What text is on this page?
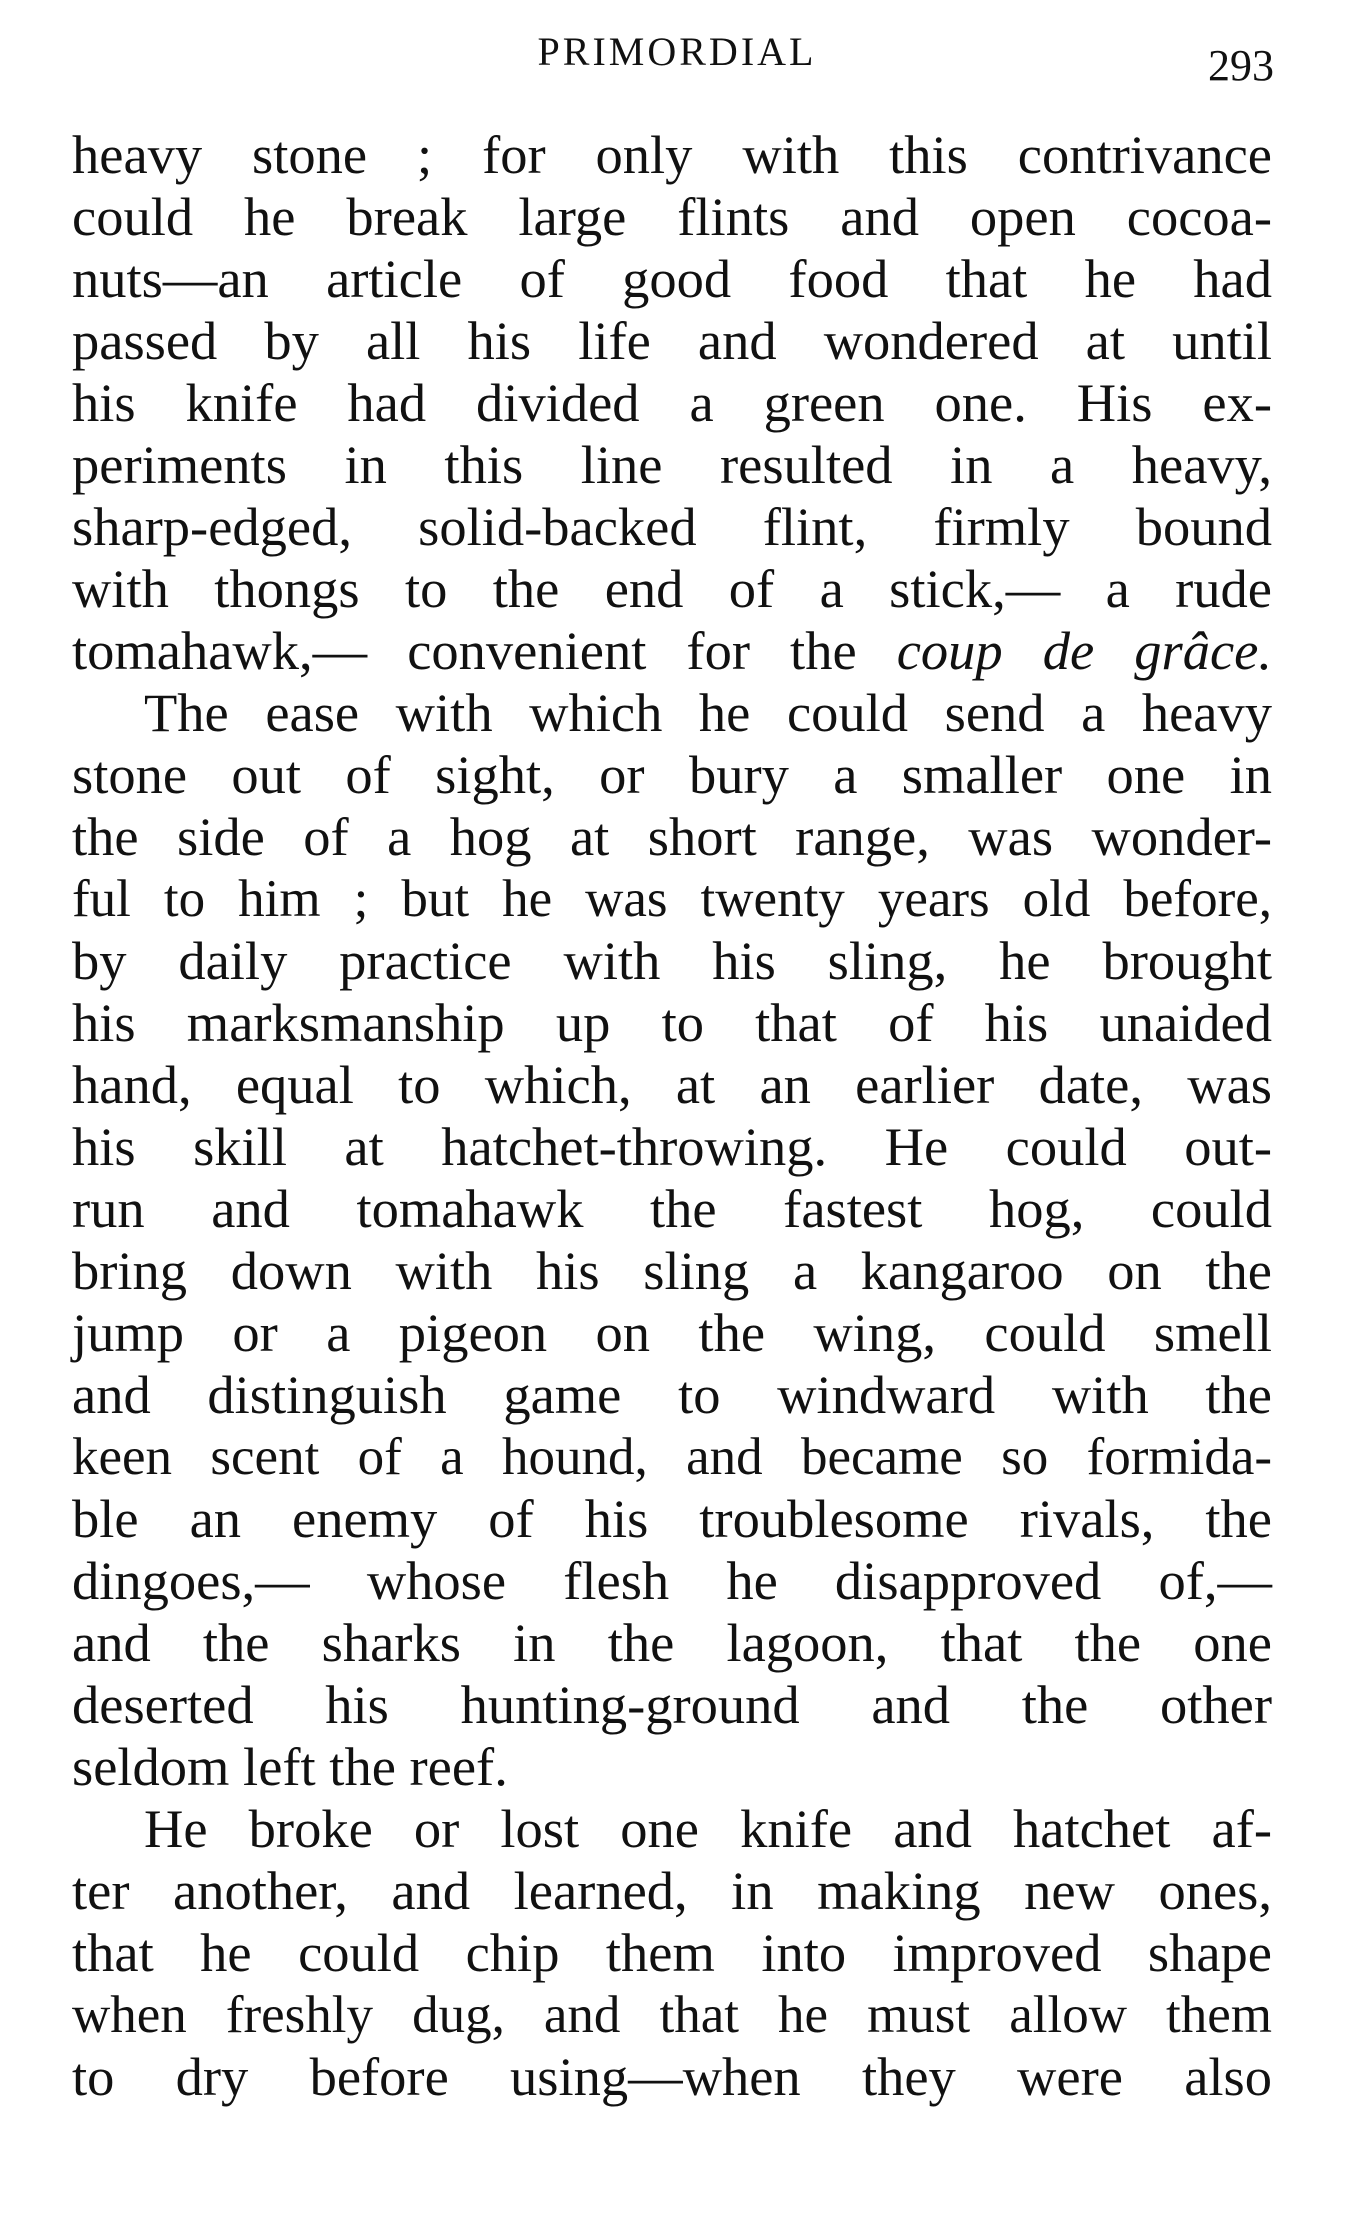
PRIMORDIAL	293
heavy stone ; for only with this contrivance
could he break large flints and open cocoa-
nuts—an article of good food that he had
passed by all his life and wondered at until
his knife had divided a green one. His ex-
periments in this line resulted in a heavy,
sharp-edged, solid-backed flint, firmly bound
with thongs to the end of a stick,— a rude
tomahawk,— convenient for the coup de grâce.
The ease with which he could send a heavy
stone out of sight, or bury a smaller one in
the side of a hog at short range, was wonder-
ful to him ; but he was twenty years old before,
by daily practice with his sling, he brought
his marksmanship up to that of his unaided
hand, equal to which, at an earlier date, was
his skill at hatchet-throwing. He could out-
run and tomahawk the fastest hog, could
bring down with his sling a kangaroo on the
jump or a pigeon on the wing, could smell
and distinguish game to windward with the
keen scent of a hound, and became so formida-
ble an enemy of his troublesome rivals, the
dingoes,— whose flesh he disapproved of,—
and the sharks in the lagoon, that the one
deserted his hunting-ground and the other
seldom left the reef.
He broke or lost one knife and hatchet af-
ter another, and learned, in making new ones,
that he could chip them into improved shape
when freshly dug, and that he must allow them
to dry before using—when they were also
